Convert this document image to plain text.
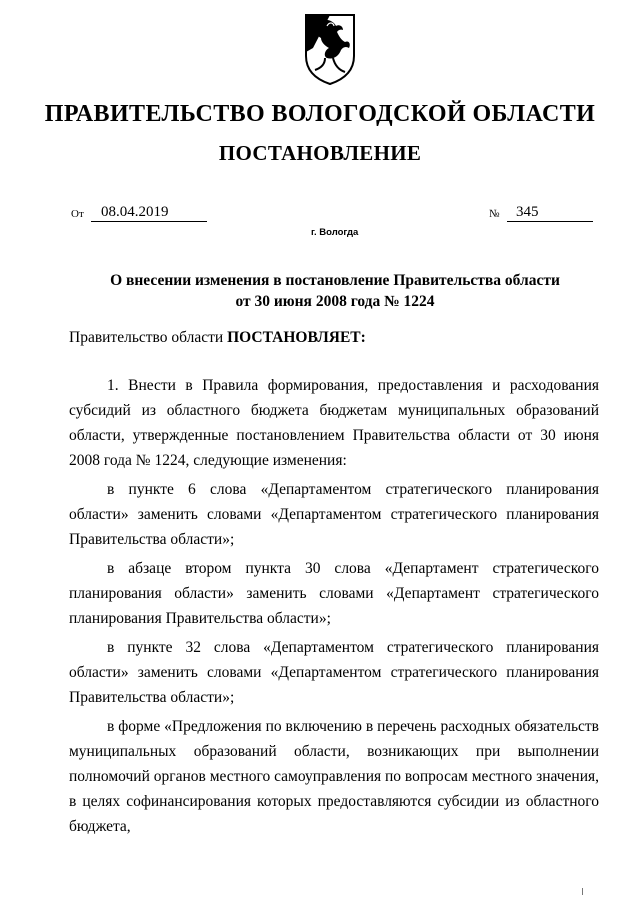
ПРАВИТЕЛЬСТВО ВОЛОГОДСКОЙ ОБЛАСТИ
ПОСТАНОВЛЕНИЕ
От	08.04.2019	№	345
г. Вологда
О внесении изменения в постановление Правительства области
от 30 июня 2008 года № 1224
Правительство области ПОСТАНОВЛЯЕТ:

1. Внести в Правила формирования, предоставления и расходования субсидий из областного бюджета бюджетам муниципальных образований области, утвержденные постановлением Правительства области от 30 июня 2008 года № 1224, следующие изменения:

в пункте 6 слова «Департаментом стратегического планирования области» заменить словами «Департаментом стратегического планирования Правительства области»;

в абзаце втором пункта 30 слова «Департамент стратегического планирования области» заменить словами «Департамент стратегического планирования Правительства области»;

в пункте 32 слова «Департаментом стратегического планирования области» заменить словами «Департаментом стратегического планирования Правительства области»;

в форме «Предложения по включению в перечень расходных обязательств муниципальных образований области, возникающих при выполнении полномочий органов местного самоуправления по вопросам местного значения, в целях софинансирования которых предоставляются субсидии из областного бюджета,
